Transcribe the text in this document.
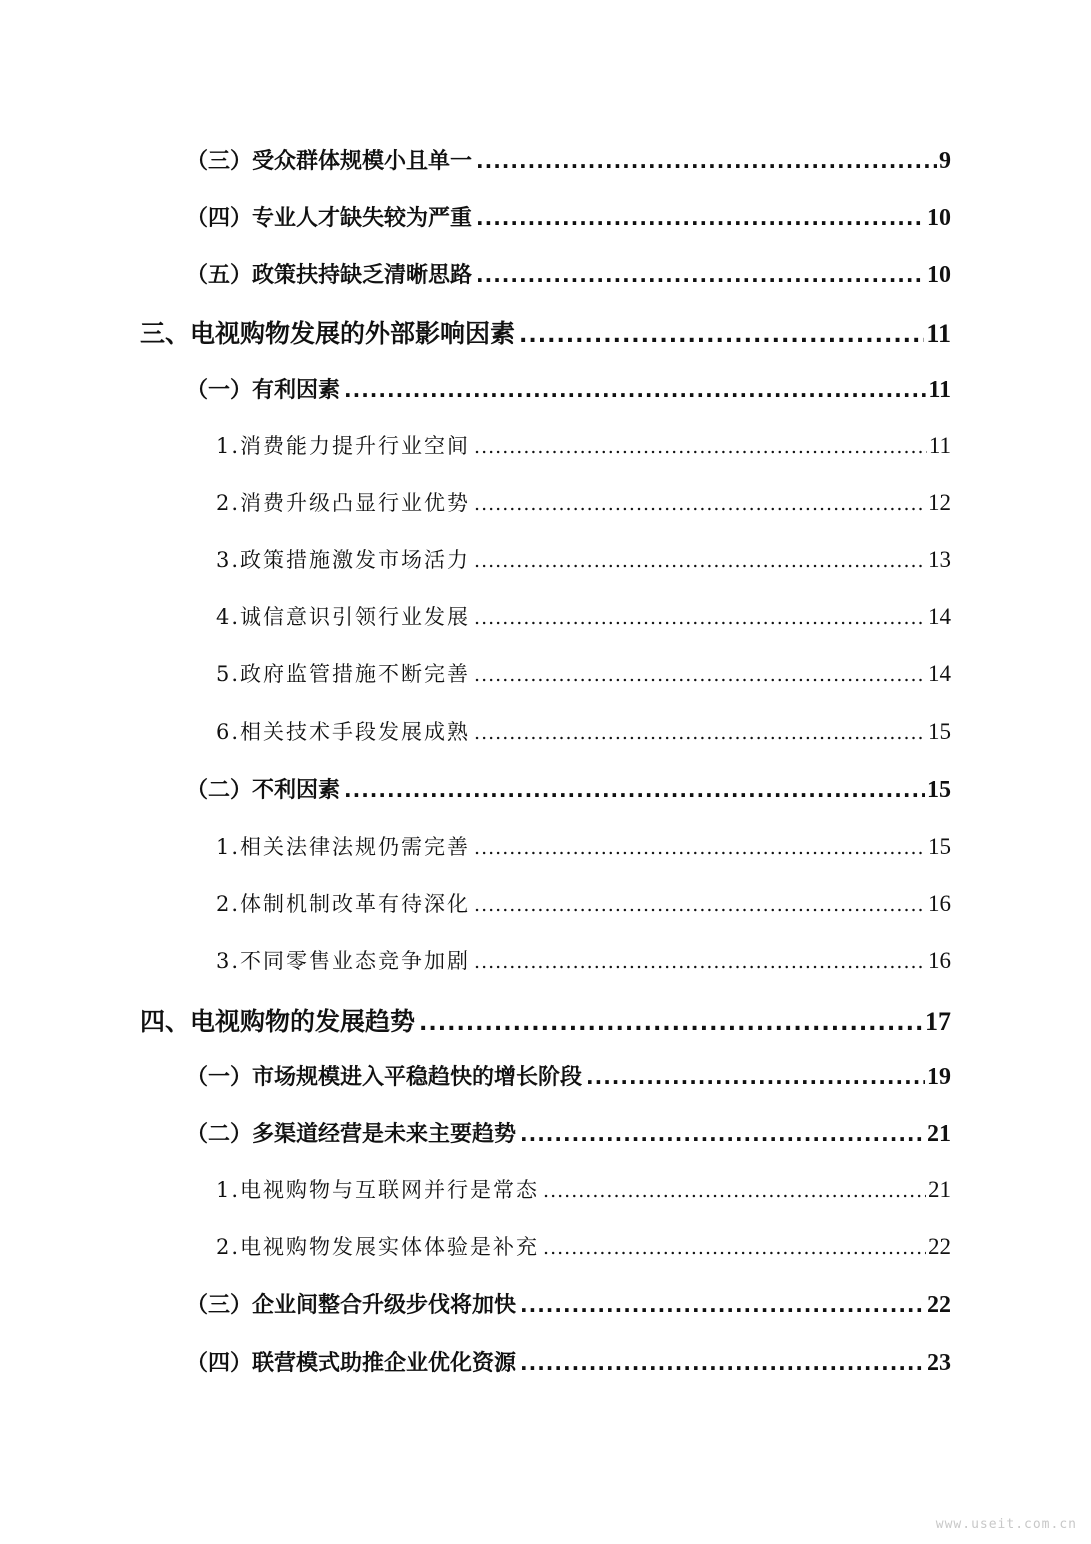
（三）受众群体规模小且单一 .....	9
（四）专业人才缺失较为严重 .....	10
（五）政策扶持缺乏清晰思路 .....	10
三、电视购物发展的外部影响因素 .....	11
（一）有利因素 .....	11
1.消费能力提升行业空间 .....	11
2.消费升级凸显行业优势 .....	12
3.政策措施激发市场活力 .....	13
4.诚信意识引领行业发展 .....	14
5.政府监管措施不断完善 .....	14
6.相关技术手段发展成熟 .....	15
（二）不利因素 .....	15
1.相关法律法规仍需完善 .....	15
2.体制机制改革有待深化 .....	16
3.不同零售业态竞争加剧 .....	16
四、电视购物的发展趋势 .....	17
（一）市场规模进入平稳趋快的增长阶段 .....	19
（二）多渠道经营是未来主要趋势 .....	21
1.电视购物与互联网并行是常态 .....	21
2.电视购物发展实体体验是补充 .....	22
（三）企业间整合升级步伐将加快 .....	22
（四）联营模式助推企业优化资源 .....	23
www.useit.com.cn
